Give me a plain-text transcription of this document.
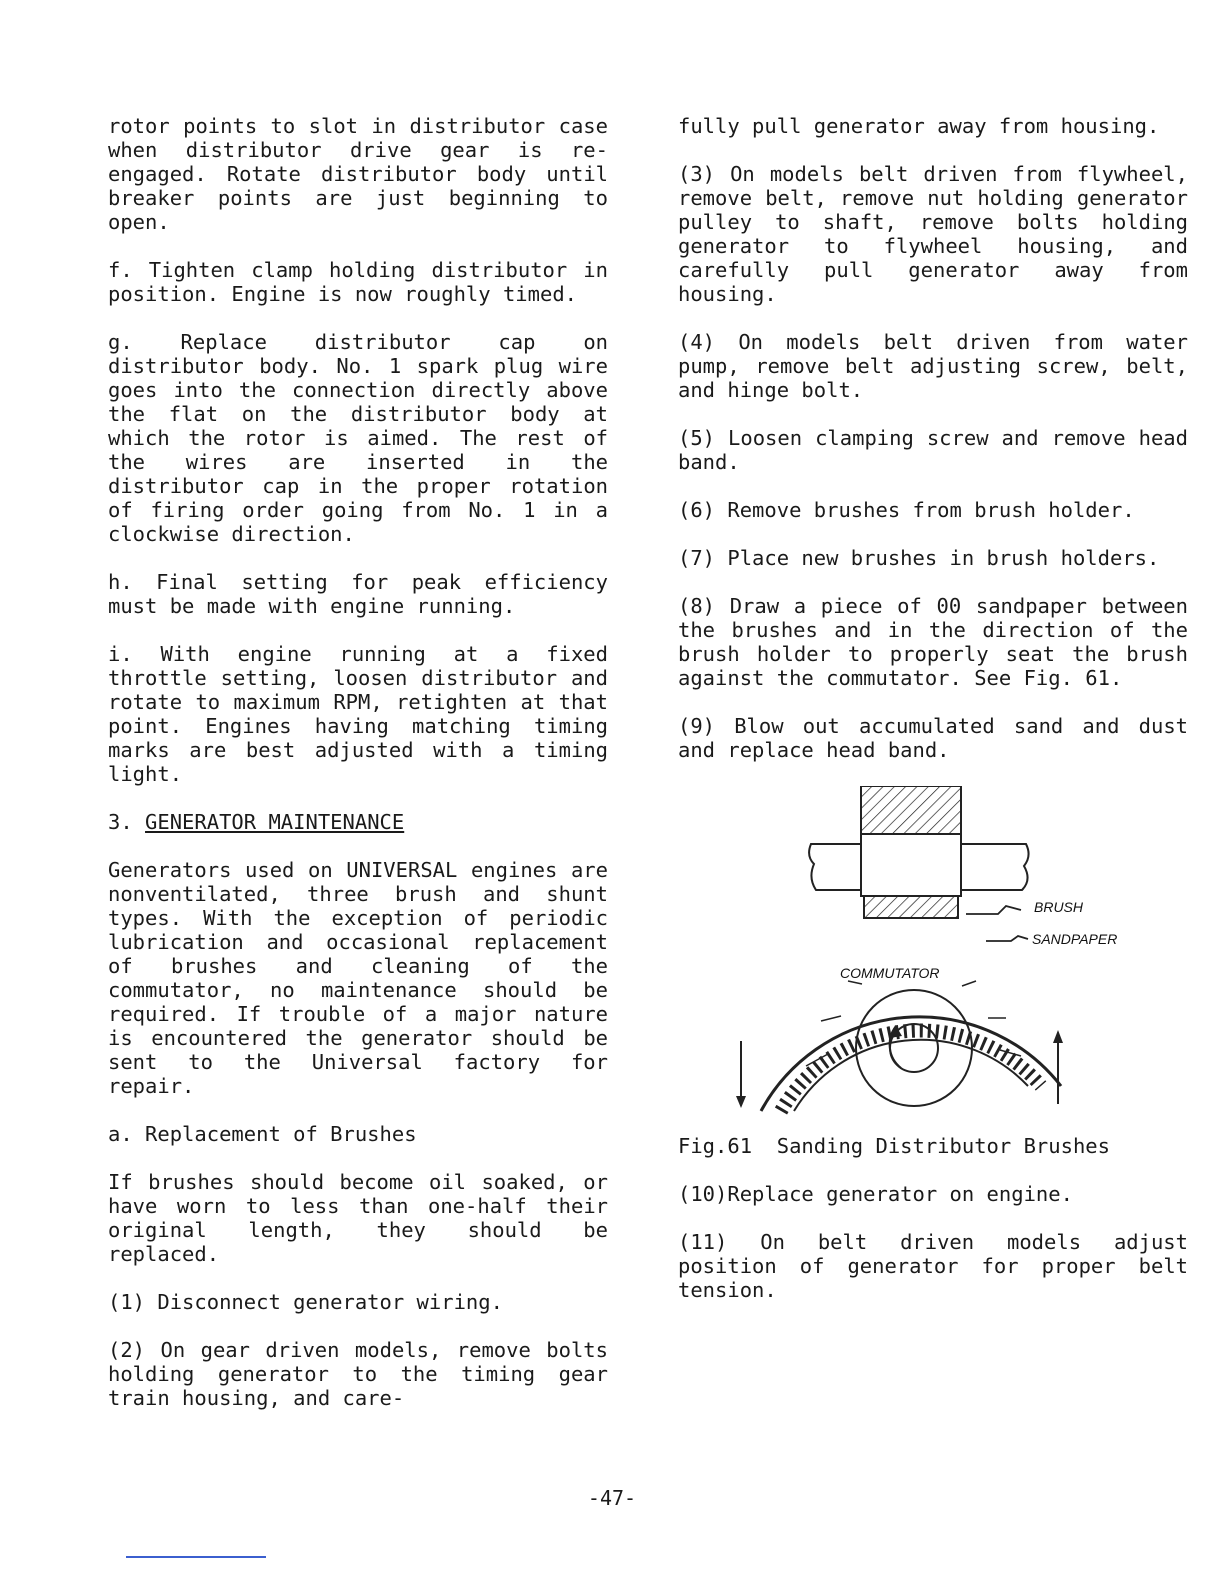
rotor points to slot in distributor case when distributor drive gear is re-engaged. Rotate distributor body until breaker points are just beginning to open.

f. Tighten clamp holding distributor in position. Engine is now roughly timed.

g. Replace distributor cap on distributor body. No. 1 spark plug wire goes into the connection directly above the flat on the distributor body at which the rotor is aimed. The rest of the wires are inserted in the distributor cap in the proper rotation of firing order going from No. 1 in a clockwise direction.

h. Final setting for peak efficiency must be made with engine running.

i. With engine running at a fixed throttle setting, loosen distributor and rotate to maximum RPM, retighten at that point. Engines having matching timing marks are best adjusted with a timing light.

3. GENERATOR MAINTENANCE

Generators used on UNIVERSAL engines are nonventilated, three brush and shunt types. With the exception of periodic lubrication and occasional replacement of brushes and cleaning of the commutator, no maintenance should be required. If trouble of a major nature is encountered the generator should be sent to the Universal factory for repair.

a. Replacement of Brushes

If brushes should become oil soaked, or have worn to less than one-half their original length, they should be replaced.

(1) Disconnect generator wiring.

(2) On gear driven models, remove bolts holding generator to the timing gear train housing, and care-

fully pull generator away from housing.

(3) On models belt driven from flywheel, remove belt, remove nut holding generator pulley to shaft, remove bolts holding generator to flywheel housing, and carefully pull generator away from housing.

(4) On models belt driven from water pump, remove belt adjusting screw, belt, and hinge bolt.

(5) Loosen clamping screw and remove head band.

(6) Remove brushes from brush holder.

(7) Place new brushes in brush holders.

(8) Draw a piece of 00 sandpaper between the brushes and in the direction of the brush holder to properly seat the brush against the commutator. See Fig. 61.

(9) Blow out accumulated sand and dust and replace head band.

BRUSH
SANDPAPER
COMMUTATOR

Fig.61  Sanding Distributor Brushes

(10)Replace generator on engine.

(11) On belt driven models adjust position of generator for proper belt tension.

-47-
